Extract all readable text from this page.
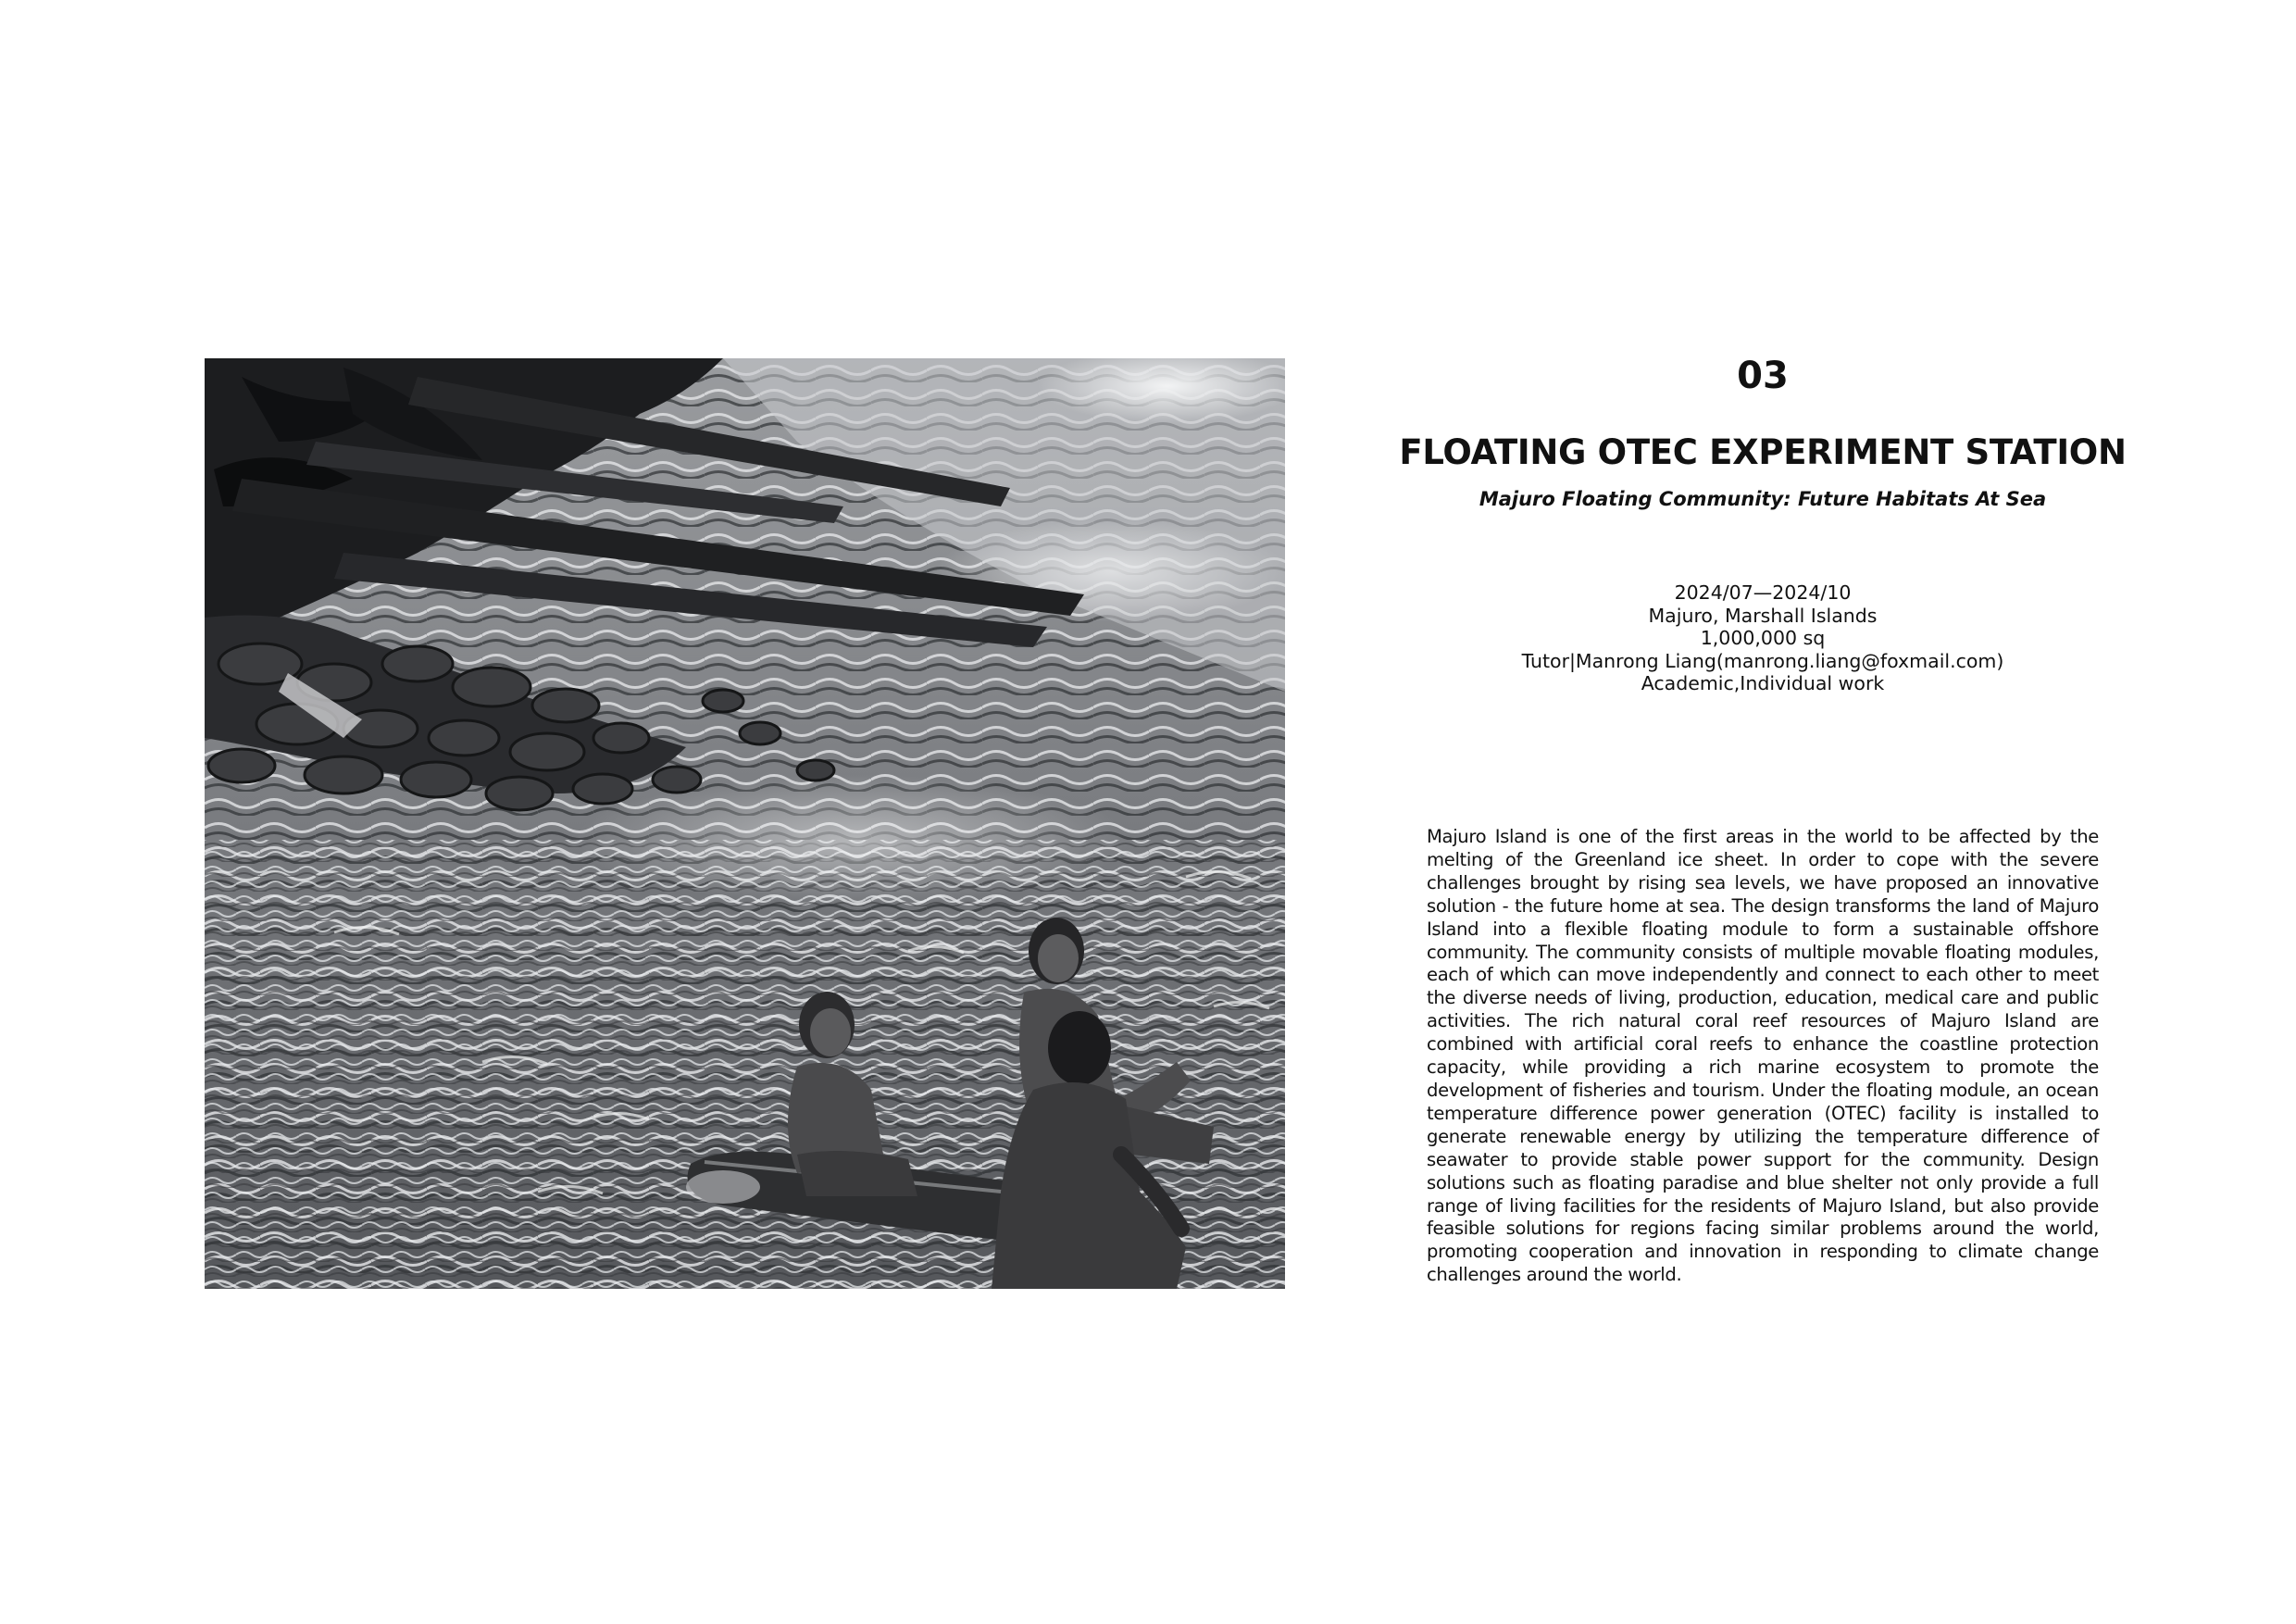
03
FLOATING OTEC EXPERIMENT STATION

Majuro Floating Community: Future Habitats At Sea

2024/07—2024/10
Majuro, Marshall Islands
1,000,000 sq
Tutor|Manrong Liang(manrong.liang@foxmail.com)
Academic,Individual work

Majuro Island is one of the first areas in the world to be affected by the melting of the Greenland ice sheet. In order to cope with the severe challenges brought by rising sea levels, we have proposed an innovative solution - the future home at sea. The design transforms the land of Majuro Island into a flexible floating module to form a sustainable offshore community. The community consists of multiple movable floating modules, each of which can move independently and connect to each other to meet the diverse needs of living, production, education, medical care and public activities. The rich natural coral reef resources of Majuro Island are combined with artificial coral reefs to enhance the coastline protection capacity, while providing a rich marine ecosystem to promote the development of fisheries and tourism. Under the floating module, an ocean temperature difference power generation (OTEC) facility is installed to generate renewable energy by utilizing the temperature difference of seawater to provide stable power support for the community. Design solutions such as floating paradise and blue shelter not only provide a full range of living facilities for the residents of Majuro Island, but also provide feasible solutions for regions facing similar problems around the world, promoting cooperation and innovation in responding to climate change challenges around the world.
